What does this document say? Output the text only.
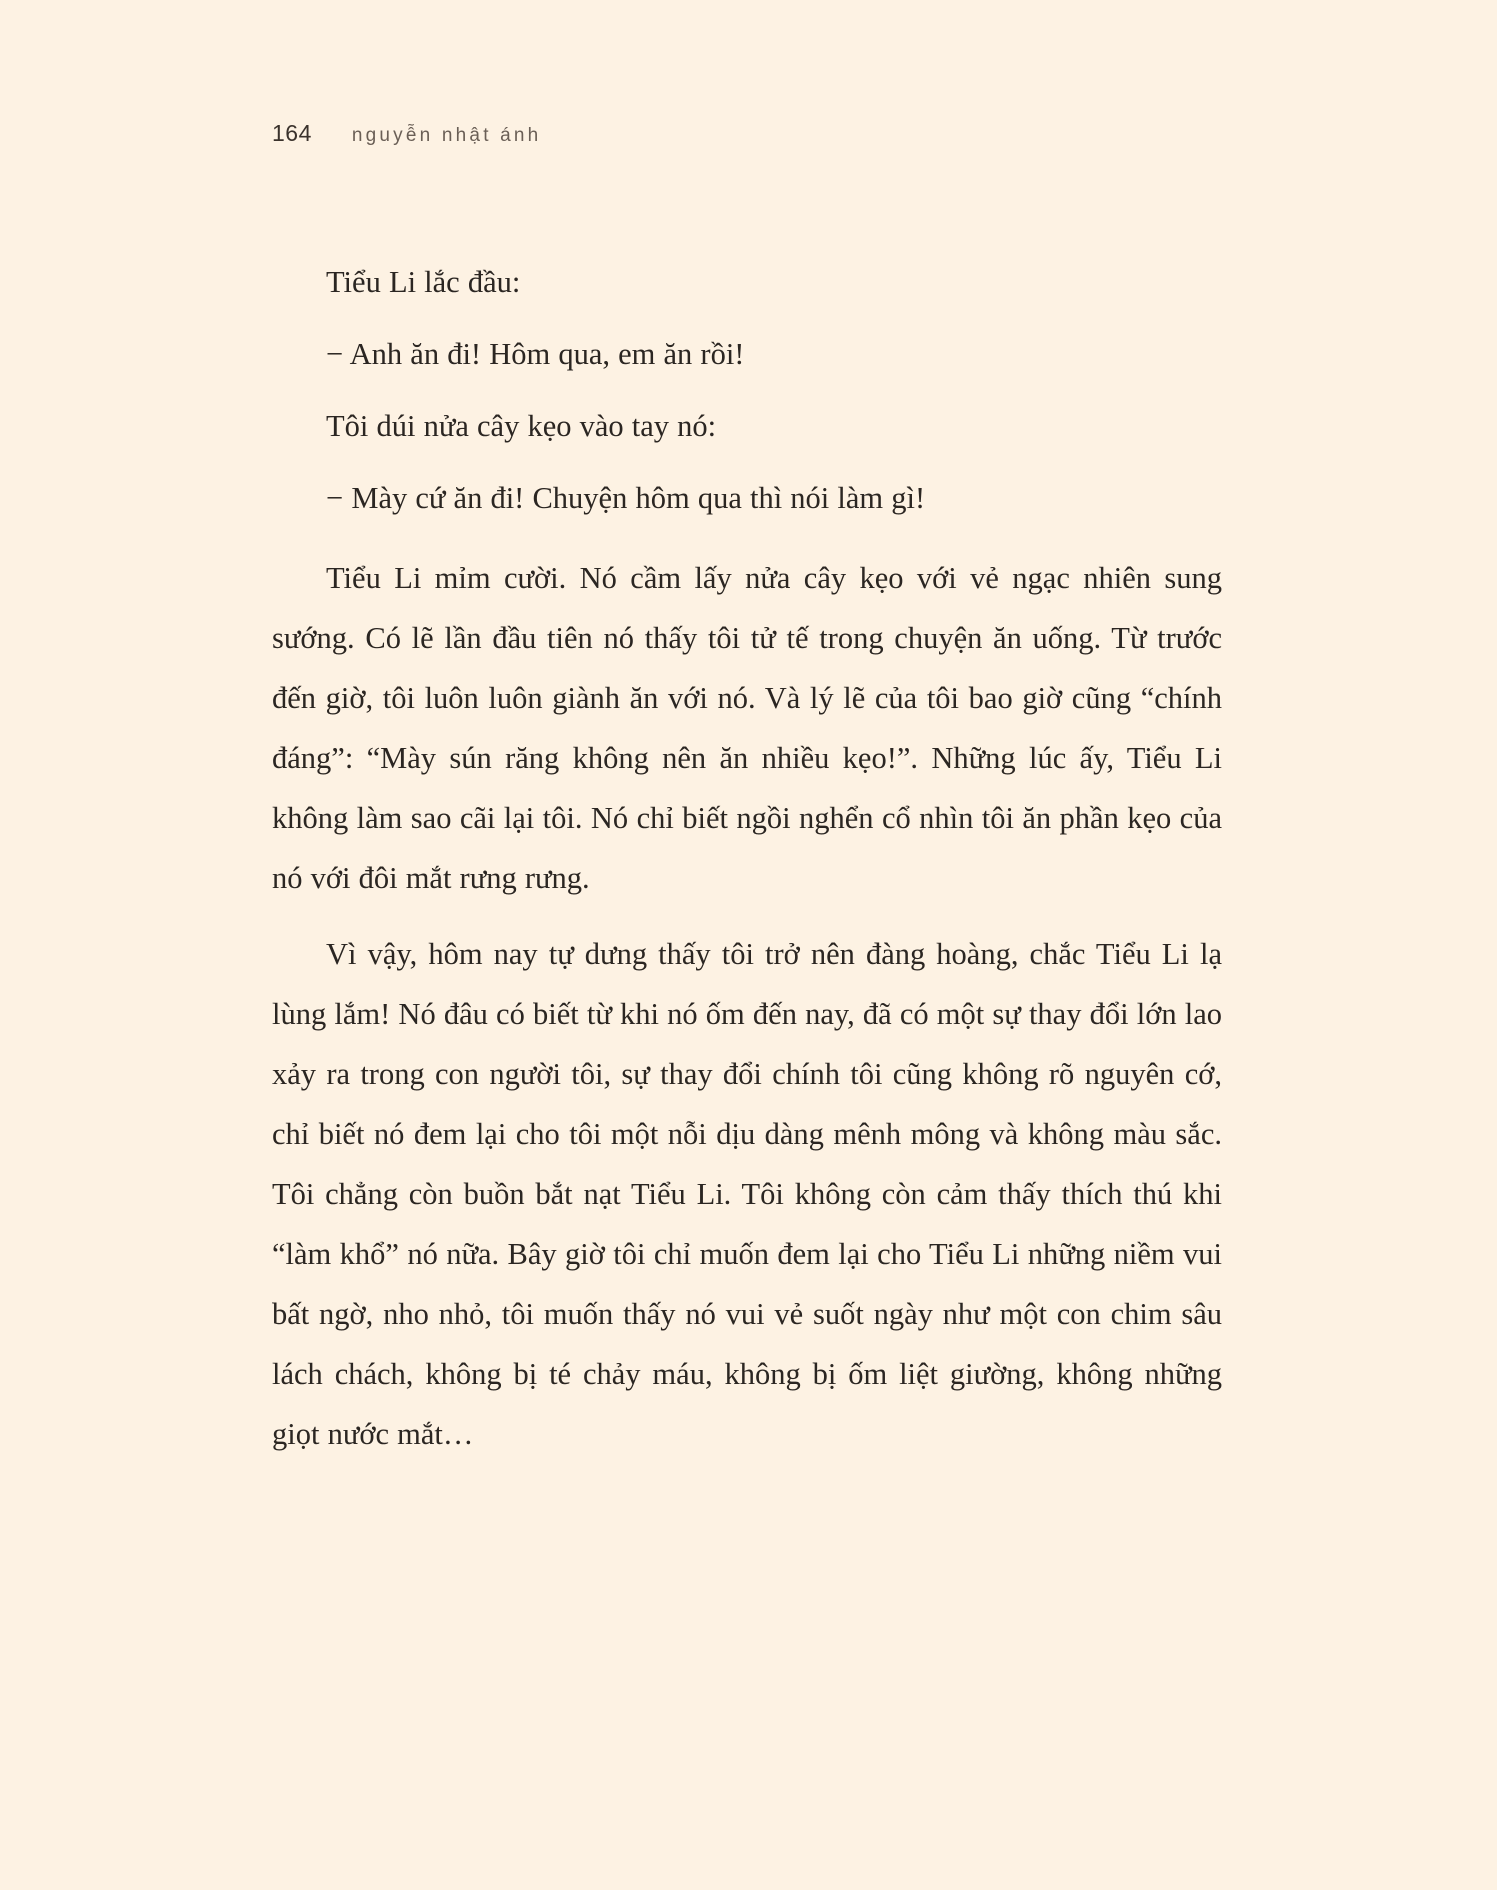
164 nguyễn nhật ánh

Tiểu Li lắc đầu:

− Anh ăn đi! Hôm qua, em ăn rồi!

Tôi dúi nửa cây kẹo vào tay nó:

− Mày cứ ăn đi! Chuyện hôm qua thì nói làm gì!

Tiểu Li mỉm cười. Nó cầm lấy nửa cây kẹo với vẻ ngạc nhiên sung sướng. Có lẽ lần đầu tiên nó thấy tôi tử tế trong chuyện ăn uống. Từ trước đến giờ, tôi luôn luôn giành ăn với nó. Và lý lẽ của tôi bao giờ cũng “chính đáng”: “Mày sún răng không nên ăn nhiều kẹo!”. Những lúc ấy, Tiểu Li không làm sao cãi lại tôi. Nó chỉ biết ngồi nghển cổ nhìn tôi ăn phần kẹo của nó với đôi mắt rưng rưng.

Vì vậy, hôm nay tự dưng thấy tôi trở nên đàng hoàng, chắc Tiểu Li lạ lùng lắm! Nó đâu có biết từ khi nó ốm đến nay, đã có một sự thay đổi lớn lao xảy ra trong con người tôi, sự thay đổi chính tôi cũng không rõ nguyên cớ, chỉ biết nó đem lại cho tôi một nỗi dịu dàng mênh mông và không màu sắc. Tôi chẳng còn buồn bắt nạt Tiểu Li. Tôi không còn cảm thấy thích thú khi “làm khổ” nó nữa. Bây giờ tôi chỉ muốn đem lại cho Tiểu Li những niềm vui bất ngờ, nho nhỏ, tôi muốn thấy nó vui vẻ suốt ngày như một con chim sâu lách chách, không bị té chảy máu, không bị ốm liệt giường, không những giọt nước mắt…
